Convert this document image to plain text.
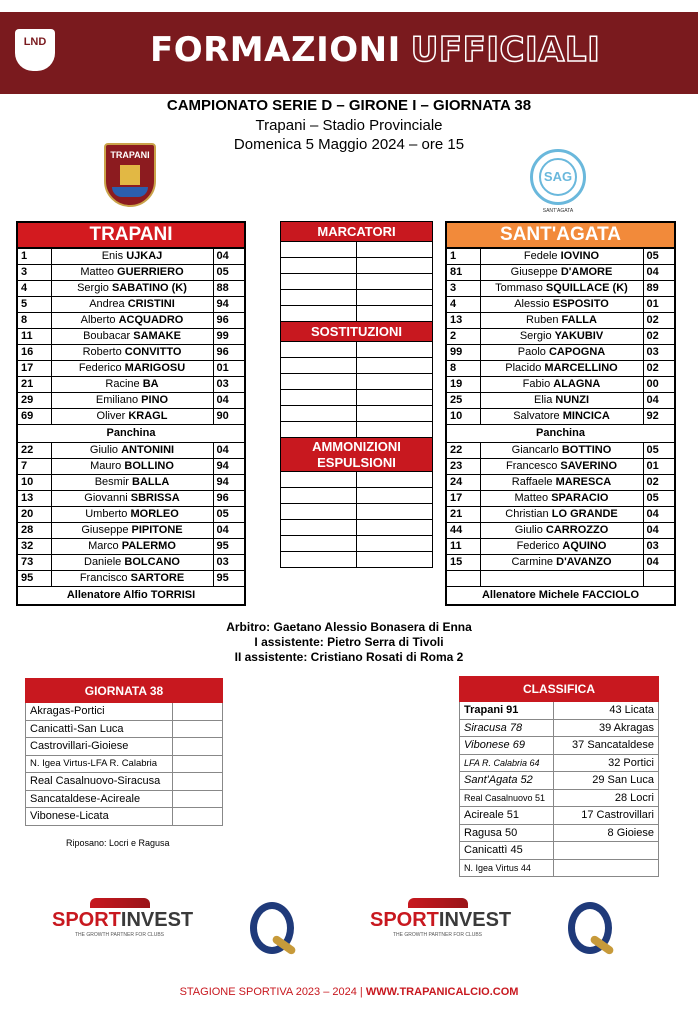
LND	FORMAZIONI UFFICIALI
CAMPIONATO SERIE D – GIRONE I – GIORNATA 38
Trapani – Stadio Provinciale
Domenica 5 Maggio 2024 – ore 15
TRAPANI
SAG
SANT'AGATA
TRAPANI		
1	Enis UJKAJ	04
3	Matteo GUERRIERO	05
4	Sergio SABATINO (K)	88
5	Andrea CRISTINI	94
8	Alberto ACQUADRO	96
11	Boubacar SAMAKE	99
16	Roberto CONVITTO	96
17	Federico MARIGOSU	01
21	Racine BA	03
29	Emiliano PINO	04
69	Oliver KRAGL	90
Panchina		
22	Giulio ANTONINI	04
7	Mauro BOLLINO	94
10	Besmir BALLA	94
13	Giovanni SBRISSA	96
20	Umberto MORLEO	05
28	Giuseppe PIPITONE	04
32	Marco PALERMO	95
73	Daniele BOLCANO	03
95	Francisco SARTORE	95
Allenatore Alfio TORRISI		
MARCATORI	

SOSTITUZIONI	

AMMONIZIONI
ESPULSIONI	

SANT'AGATA		
1	Fedele IOVINO	05
81	Giuseppe D'AMORE	04
3	Tommaso SQUILLACE (K)	89
4	Alessio ESPOSITO	01
13	Ruben FALLA	02
2	Sergio YAKUBIV	02
99	Paolo CAPOGNA	03
8	Placido MARCELLINO	02
19	Fabio ALAGNA	00
25	Elia NUNZI	04
10	Salvatore MINCICA	92
Panchina		
22	Giancarlo BOTTINO	05
23	Francesco SAVERINO	01
24	Raffaele MARESCA	02
17	Matteo SPARACIO	05
21	Christian LO GRANDE	04
44	Giulio CARROZZO	04
11	Federico AQUINO	03
15	Carmine D'AVANZO	04

Allenatore Michele FACCIOLO		
Arbitro: Gaetano Alessio Bonasera di Enna
I assistente: Pietro Serra di Tivoli
II assistente: Cristiano Rosati di Roma 2
GIORNATA 38	
Akragas-Portici	
Canicattì-San Luca	
Castrovillari-Gioiese	
N. Igea Virtus-LFA R. Calabria	
Real Casalnuovo-Siracusa	
Sancataldese-Acireale	
Vibonese-Licata	
Riposano: Locri e Ragusa
CLASSIFICA	
Trapani 91	43 Licata
Siracusa 78	39 Akragas
Vibonese 69	37 Sancataldese
LFA R. Calabria 64	32 Portici
Sant'Agata 52	29 San Luca
Real Casalnuovo 51	28 Locri
Acireale 51	17 Castrovillari
Ragusa 50	8 Gioiese
Canicattì 45	
N. Igea Virtus 44	
SPORTINVEST
THE GROWTH PARTNER FOR CLUBS
SPORTINVEST
THE GROWTH PARTNER FOR CLUBS
STAGIONE SPORTIVA 2023 – 2024 | WWW.TRAPANICALCIO.COM
